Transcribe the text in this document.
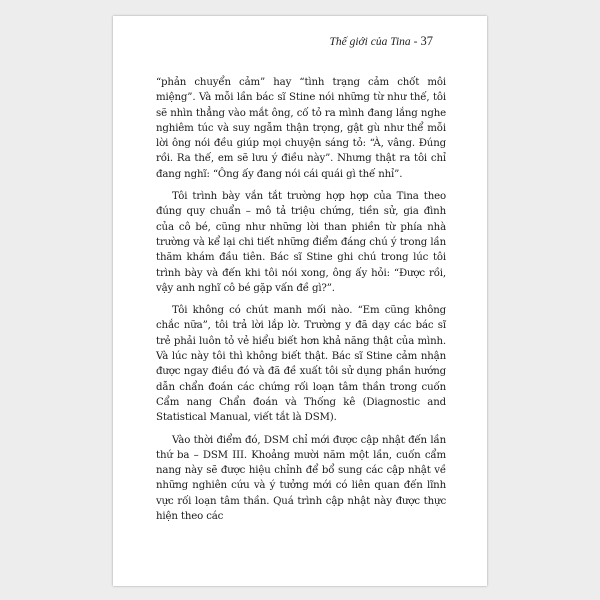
Thế giới của Tina - 37

“phản chuyển cảm” hay “tình trạng cảm chốt môi miệng”. Và mỗi lần bác sĩ Stine nói những từ như thế, tôi sẽ nhìn thẳng vào mắt ông, cố tỏ ra mình đang lắng nghe nghiêm túc và suy ngẫm thận trọng, gật gù như thể mỗi lời ông nói đều giúp mọi chuyện sáng tỏ: “À, vâng. Đúng rồi. Ra thế, em sẽ lưu ý điều này”. Nhưng thật ra tôi chỉ đang nghĩ: “Ông ấy đang nói cái quái gì thế nhỉ”.

Tôi trình bày vắn tắt trường hợp hợp của Tina theo đúng quy chuẩn – mô tả triệu chứng, tiền sử, gia đình của cô bé, cũng như những lời than phiền từ phía nhà trường và kể lại chi tiết những điểm đáng chú ý trong lần thăm khám đầu tiên. Bác sĩ Stine ghi chú trong lúc tôi trình bày và đến khi tôi nói xong, ông ấy hỏi: “Được rồi, vậy anh nghĩ cô bé gặp vấn đề gì?”.

Tôi không có chút manh mối nào. “Em cũng không chắc nữa”, tôi trả lời lắp lờ. Trường y đã dạy các bác sĩ trẻ phải luôn tỏ vẻ hiểu biết hơn khả năng thật của mình. Và lúc này tôi thì không biết thật. Bác sĩ Stine cảm nhận được ngay điều đó và đã đề xuất tôi sử dụng phần hướng dẫn chẩn đoán các chứng rối loạn tâm thần trong cuốn Cẩm nang Chẩn đoán và Thống kê (Diagnostic and Statistical Manual, viết tắt là DSM).

Vào thời điểm đó, DSM chỉ mới được cập nhật đến lần thứ ba – DSM III. Khoảng mười năm một lần, cuốn cẩm nang này sẽ được hiệu chỉnh để bổ sung các cập nhật về những nghiên cứu và ý tưởng mới có liên quan đến lĩnh vực rối loạn tâm thần. Quá trình cập nhật này được thực hiện theo các
